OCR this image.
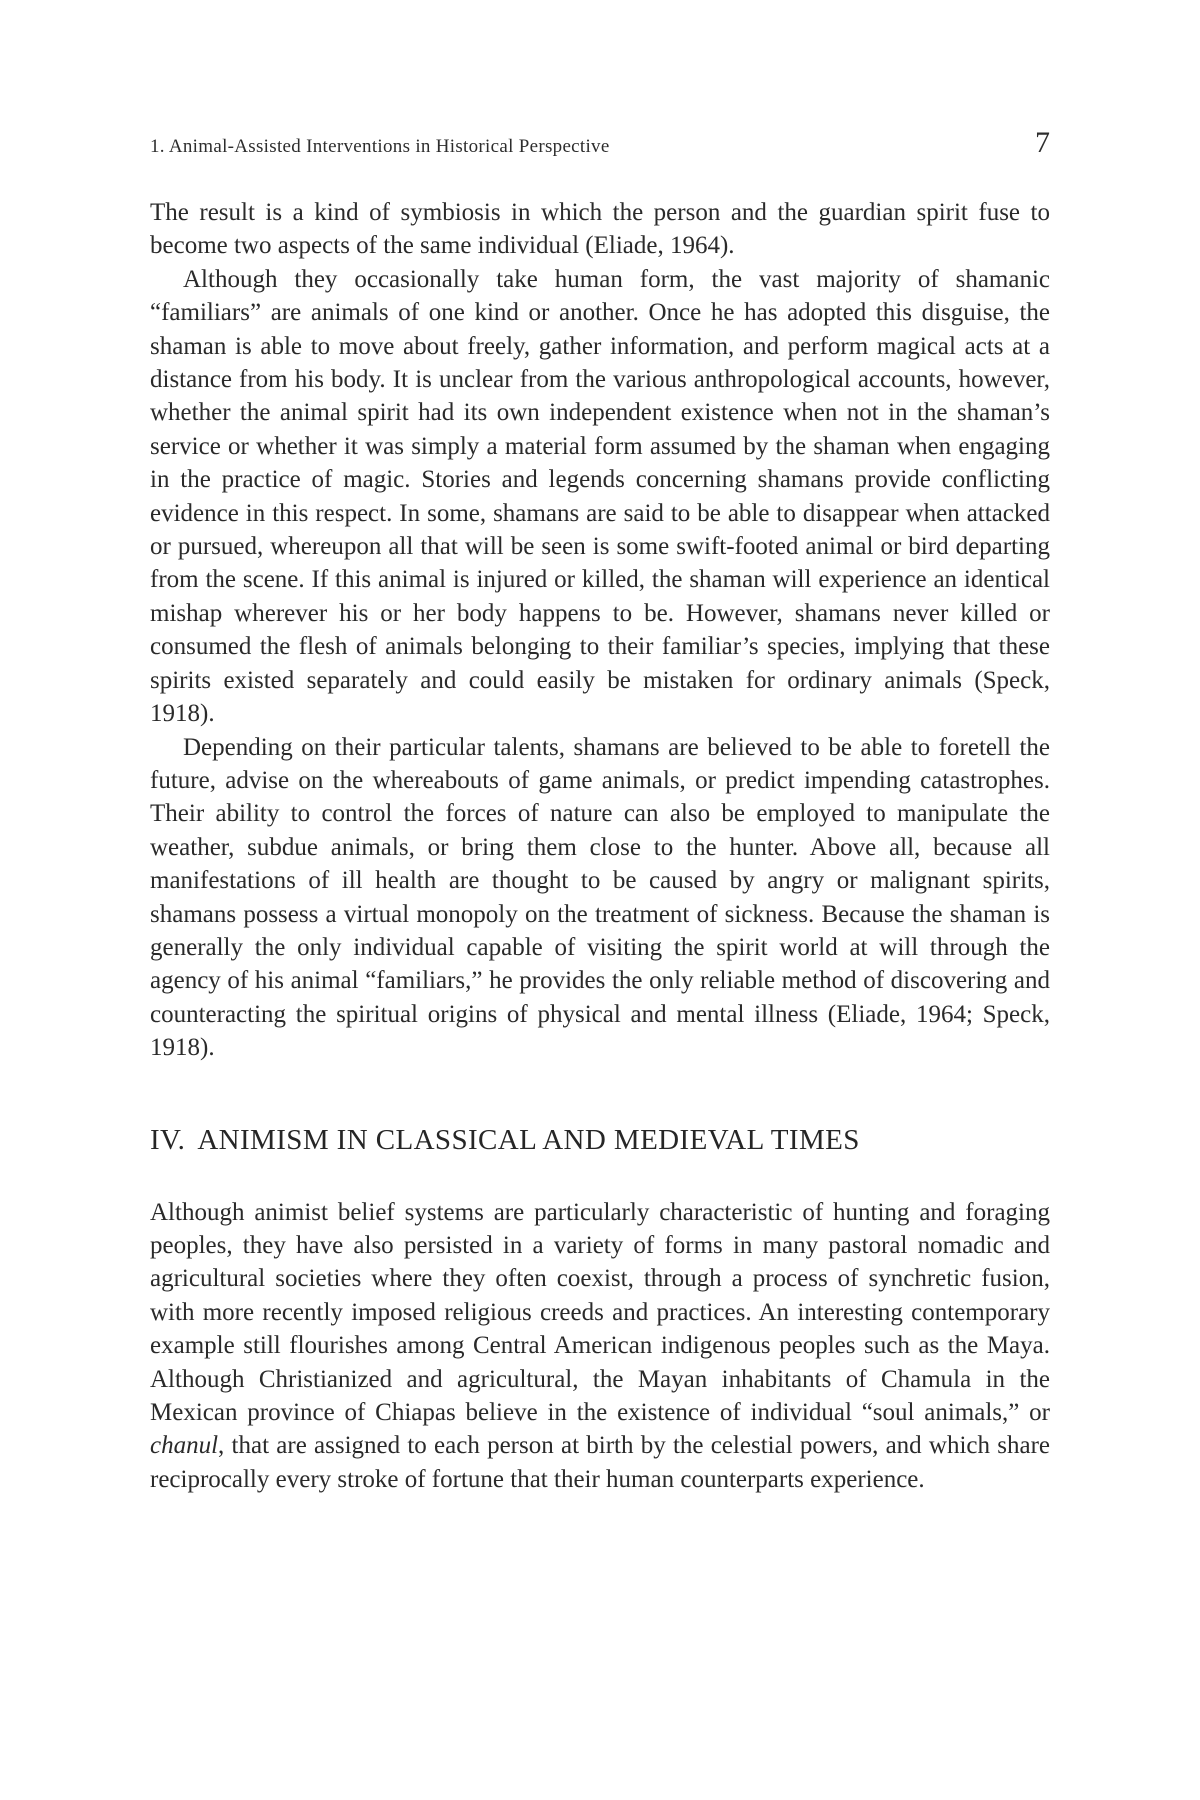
1. Animal-Assisted Interventions in Historical Perspective	7

The result is a kind of symbiosis in which the person and the guardian spirit fuse to become two aspects of the same individual (Eliade, 1964).

Although they occasionally take human form, the vast majority of shamanic “familiars” are animals of one kind or another. Once he has adopted this disguise, the shaman is able to move about freely, gather information, and perform magical acts at a distance from his body. It is unclear from the various anthropological accounts, however, whether the animal spirit had its own independent existence when not in the shaman’s service or whether it was simply a material form assumed by the shaman when engaging in the practice of magic. Stories and legends concerning shamans provide conflicting evidence in this respect. In some, shamans are said to be able to disappear when attacked or pursued, whereupon all that will be seen is some swift-footed animal or bird departing from the scene. If this animal is injured or killed, the shaman will experience an identical mishap wherever his or her body happens to be. However, shamans never killed or consumed the flesh of animals belonging to their familiar’s species, implying that these spirits existed separately and could easily be mistaken for ordinary animals (Speck, 1918).

Depending on their particular talents, shamans are believed to be able to foretell the future, advise on the whereabouts of game animals, or predict impending catastrophes. Their ability to control the forces of nature can also be employed to manipulate the weather, subdue animals, or bring them close to the hunter. Above all, because all manifestations of ill health are thought to be caused by angry or malignant spirits, shamans possess a virtual monopoly on the treatment of sickness. Because the shaman is generally the only individual capable of visiting the spirit world at will through the agency of his animal “familiars,” he provides the only reliable method of discovering and counteracting the spiritual origins of physical and mental illness (Eliade, 1964; Speck, 1918).

IV. ANIMISM IN CLASSICAL AND MEDIEVAL TIMES

Although animist belief systems are particularly characteristic of hunting and foraging peoples, they have also persisted in a variety of forms in many pastoral nomadic and agricultural societies where they often coexist, through a process of synchretic fusion, with more recently imposed religious creeds and practices. An interesting contemporary example still flourishes among Central American indigenous peoples such as the Maya. Although Christianized and agricultural, the Mayan inhabitants of Chamula in the Mexican province of Chiapas believe in the existence of individual “soul animals,” or chanul, that are assigned to each person at birth by the celestial powers, and which share reciprocally every stroke of fortune that their human counterparts experience.
